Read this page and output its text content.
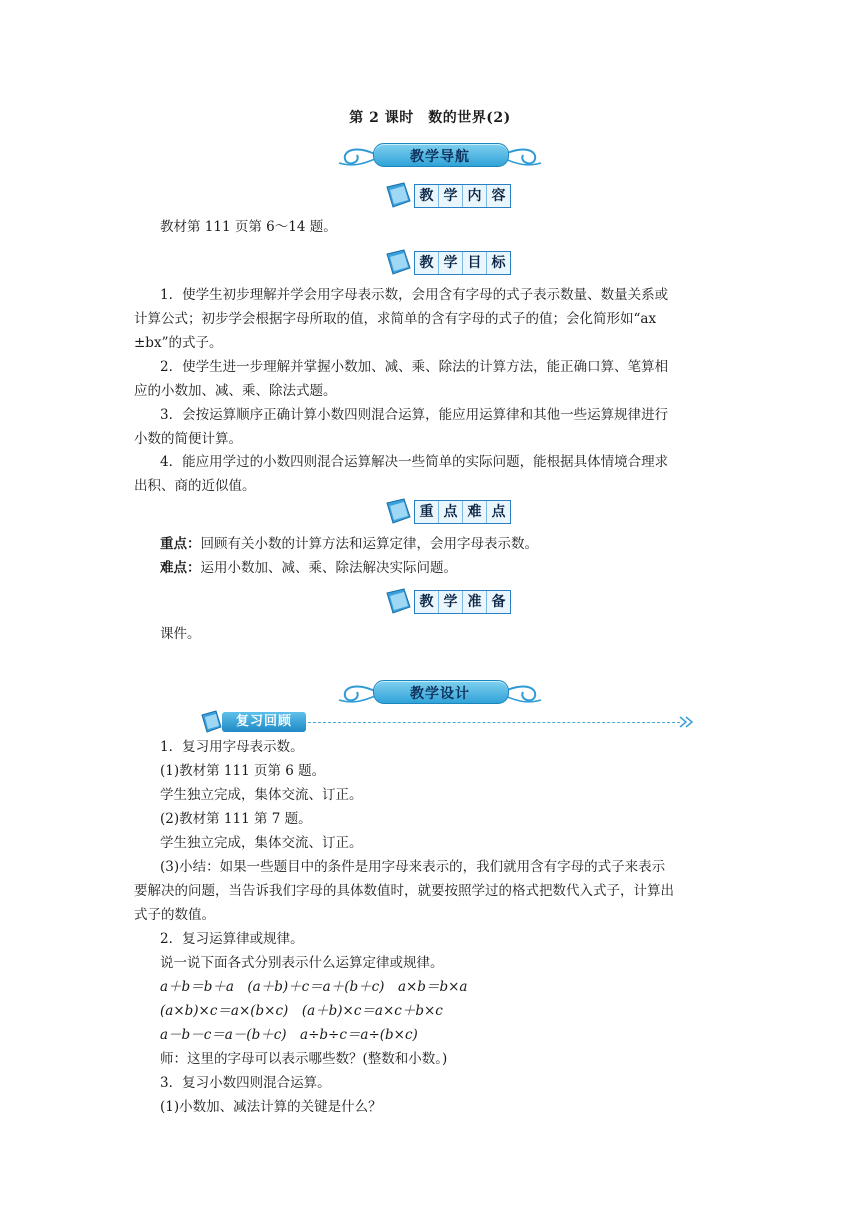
第 2 课时　数的世界(2)
教学导航
教 学 内 容
教材第 111 页第 6～14 题。
教 学 目 标
1．使学生初步理解并学会用字母表示数，会用含有字母的式子表示数量、数量关系或
计算公式；初步学会根据字母所取的值，求简单的含有字母的式子的值；会化简形如“ax
±bx”的式子。
2．使学生进一步理解并掌握小数加、减、乘、除法的计算方法，能正确口算、笔算相
应的小数加、减、乘、除法式题。
3．会按运算顺序正确计算小数四则混合运算，能应用运算律和其他一些运算规律进行
小数的简便计算。
4．能应用学过的小数四则混合运算解决一些简单的实际问题，能根据具体情境合理求
出积、商的近似值。
重 点 难 点
重点：回顾有关小数的计算方法和运算定律，会用字母表示数。
难点：运用小数加、减、乘、除法解决实际问题。
教 学 准 备
课件。
教学设计
复习回顾
1．复习用字母表示数。
(1)教材第 111 页第 6 题。
学生独立完成，集体交流、订正。
(2)教材第 111 第 7 题。
学生独立完成，集体交流、订正。
(3)小结：如果一些题目中的条件是用字母来表示的，我们就用含有字母的式子来表示
要解决的问题，当告诉我们字母的具体数值时，就要按照学过的格式把数代入式子，计算出
式子的数值。
2．复习运算律或规律。
说一说下面各式分别表示什么运算定律或规律。
a＋b＝b＋a　(a＋b)＋c＝a＋(b＋c)　a×b＝b×a
(a×b)×c＝a×(b×c)　(a＋b)×c＝a×c＋b×c
a－b－c＝a－(b＋c)　a÷b÷c＝a÷(b×c)
师：这里的字母可以表示哪些数？(整数和小数。)
3．复习小数四则混合运算。
(1)小数加、减法计算的关键是什么？
